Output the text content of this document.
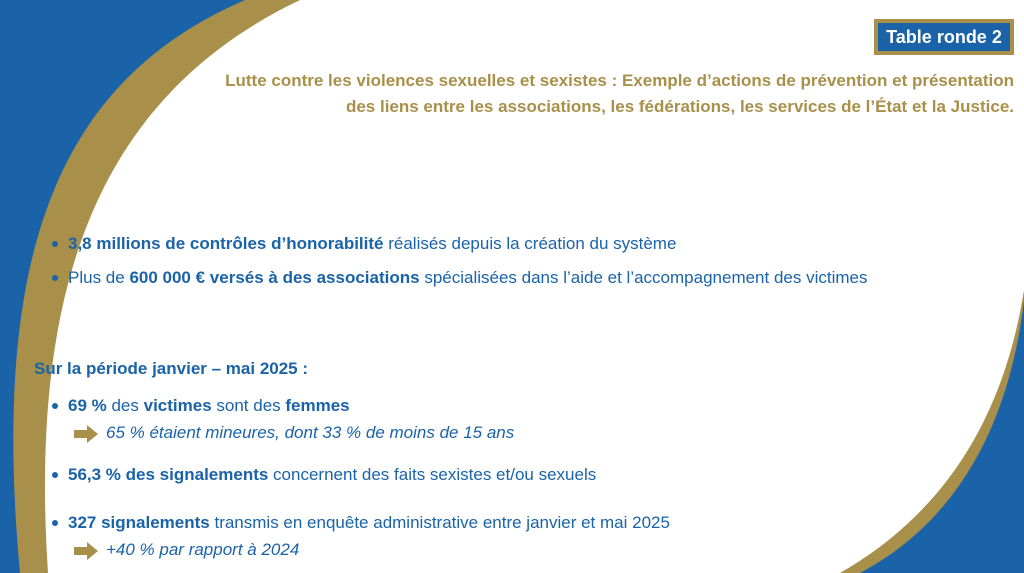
Table ronde 2
Lutte contre les violences sexuelles et sexistes : Exemple d’actions de prévention et présentation
des liens entre les associations, les fédérations, les services de l’État et la Justice.
3,8 millions de contrôles d’honorabilité réalisés depuis la création du système
Plus de 600 000 € versés à des associations spécialisées dans l’aide et l’accompagnement des victimes
Sur la période janvier – mai 2025 :
69 % des victimes sont des femmes
65 % étaient mineures, dont 33 % de moins de 15 ans
56,3 % des signalements concernent des faits sexistes et/ou sexuels
327 signalements transmis en enquête administrative entre janvier et mai 2025
+40 % par rapport à 2024
